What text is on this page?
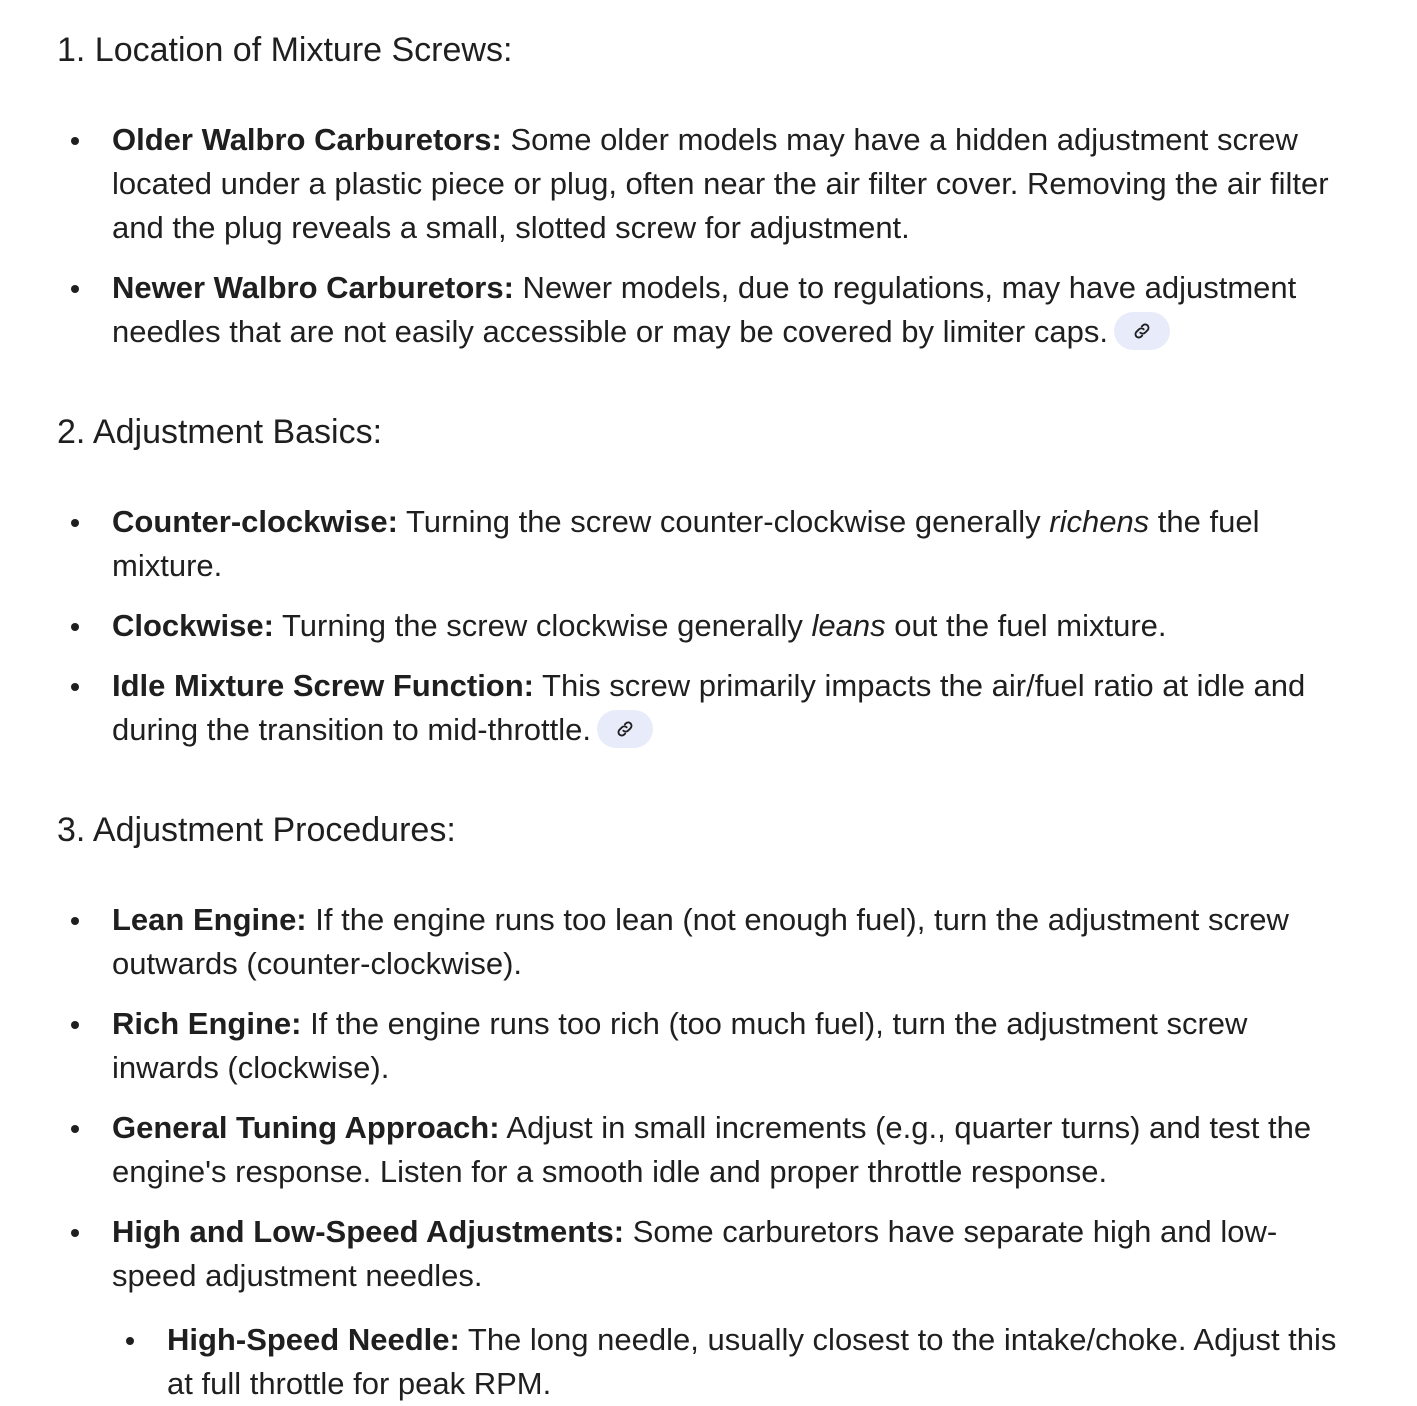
1. Location of Mixture Screws:
Older Walbro Carburetors: Some older models may have a hidden adjustment screw located under a plastic piece or plug, often near the air filter cover. Removing the air filter and the plug reveals a small, slotted screw for adjustment.
Newer Walbro Carburetors: Newer models, due to regulations, may have adjustment needles that are not easily accessible or may be covered by limiter caps.
2. Adjustment Basics:
Counter-clockwise: Turning the screw counter-clockwise generally richens the fuel mixture.
Clockwise: Turning the screw clockwise generally leans out the fuel mixture.
Idle Mixture Screw Function: This screw primarily impacts the air/fuel ratio at idle and during the transition to mid-throttle.
3. Adjustment Procedures:
Lean Engine: If the engine runs too lean (not enough fuel), turn the adjustment screw outwards (counter-clockwise).
Rich Engine: If the engine runs too rich (too much fuel), turn the adjustment screw inwards (clockwise).
General Tuning Approach: Adjust in small increments (e.g., quarter turns) and test the engine's response. Listen for a smooth idle and proper throttle response.
High and Low-Speed Adjustments: Some carburetors have separate high and low-speed adjustment needles.
High-Speed Needle: The long needle, usually closest to the intake/choke. Adjust this at full throttle for peak RPM.
